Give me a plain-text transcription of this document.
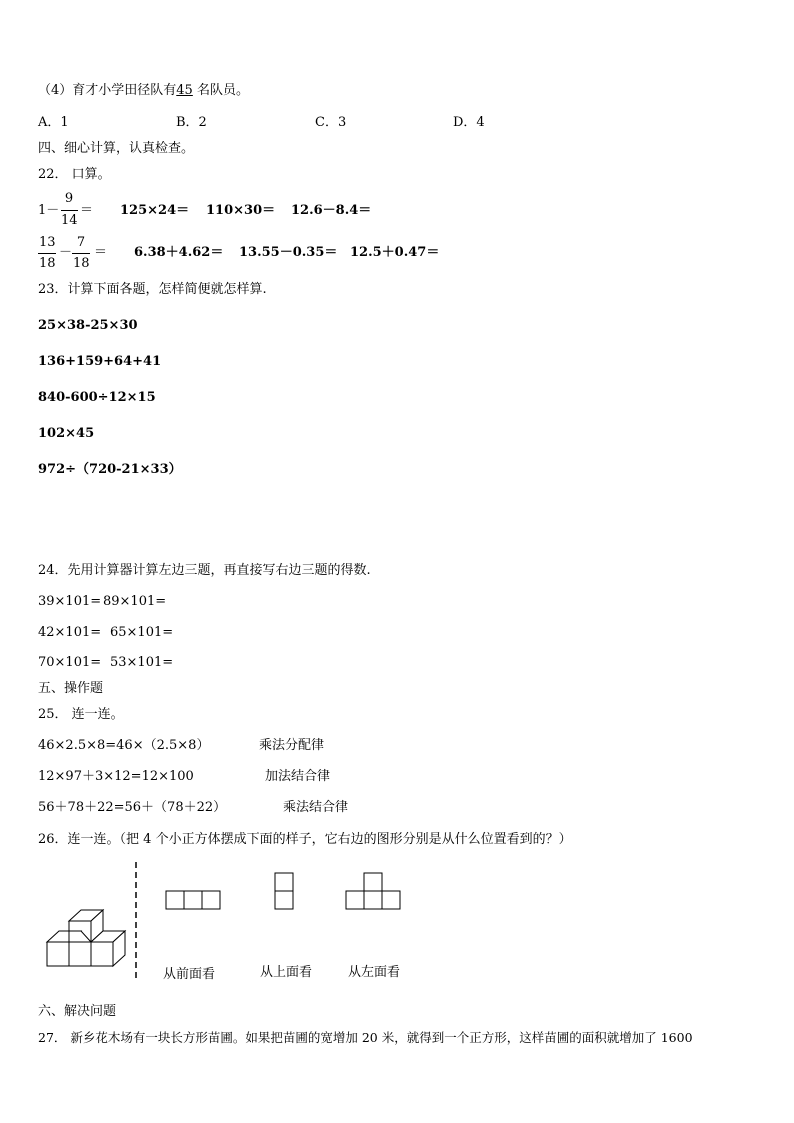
（4）育才小学田径队有45 名队员。
A．1	B．2	C．3	D．4
四、细心计算，认真检查。
22． 口算。
1－
9
14
＝ 125×24＝ 110×30＝ 12.6－8.4＝
13
18
－
7
18
＝ 6.38＋4.62＝ 13.55－0.35＝ 12.5＋0.47＝
23．计算下面各题，怎样简便就怎样算.
25×38-25×30
136+159+64+41
840-600÷12×15
102×45
972÷（720-21×33）
24．先用计算器计算左边三题，再直接写右边三题的得数.
39×101= 89×101=
42×101= 65×101=
70×101= 53×101=
五、操作题
25． 连一连。
46×2.5×8=46×（2.5×8）	乘法分配律
12×97＋3×12=12×100	加法结合律
56＋78＋22=56＋（78＋22）	乘法结合律
26．连一连。（把 4 个小正方体摆成下面的样子，它右边的图形分别是从什么位置看到的？）
从前面看	从上面看	从左面看
六、解决问题
27． 新乡花木场有一块长方形苗圃。如果把苗圃的宽增加 20 米，就得到一个正方形，这样苗圃的面积就增加了 1600
